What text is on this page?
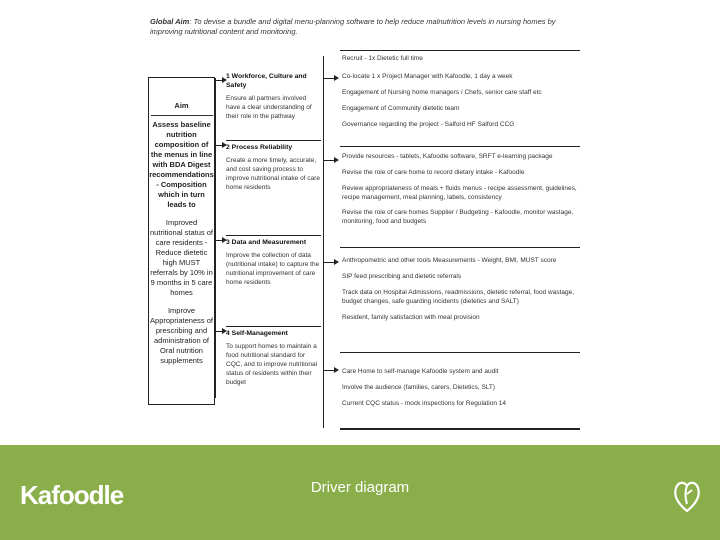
Global Aim: To devise a bundle and digital menu-planning software to help reduce malnutrition levels in nursing homes by improving nutritional content and monitoring.
Aim
Assess baseline nutrition composition of the menus in line with BDA Digest recommendations - Composition which in turn leads to
Improved nutritional status of care residents - Reduce dietetic high MUST referrals by 10% in 9 months in 5 care homes
Improve Appropriateness of prescribing and administration of Oral nutrition supplements
1 Workforce, Culture and Safety
Ensure all partners involved have a clear understanding of their role in the pathway
2 Process Reliability
Create a more timely, accurate, and cost saving process to improve nutritional intake of care home residents
3 Data and Measurement
Improve the collection of data (nutritional intake) to capture the nutritional improvement of care home residents
4 Self-Management
To support homes to maintain a food nutritional standard for CQC, and to improve nutritional status of residents within their budget
Recruit - 1x Dietetic full time
Co-locate 1 x Project Manager with Kafoodle, 1 day a week
Engagement of Nursing home managers / Chefs, senior care staff etc
Engagement of Community dietetic team
Governance regarding the project - Salford HF Salford CCG
Provide resources - tablets, Kafoodle software, SRFT e-learning package
Revise the role of care home to record dietary intake - Kafoodle
Review appropriateness of meals + fluids menus - recipe assessment, guidelines, recipe management, meal planning, labels, consistency
Revise the role of care homes Supplier / Budgeting - Kafoodle, monitor wastage, monitoring, food and budgets
Anthropometric and other tools Measurements - Weight, BMI, MUST score
SIP feed prescribing and dietetic referrals
Track data on Hospital Admissions, readmissions, dietetic referral, food wastage, budget changes, safe guarding incidents (dietetics and SALT)
Resident, family satisfaction with meal provision
Care Home to self-manage Kafoodle system and audit
Involve the audience (families, carers, Dietetics, SLT)
Current CQC status - mock inspections for Regulation 14
Kafoodle	Driver diagram
